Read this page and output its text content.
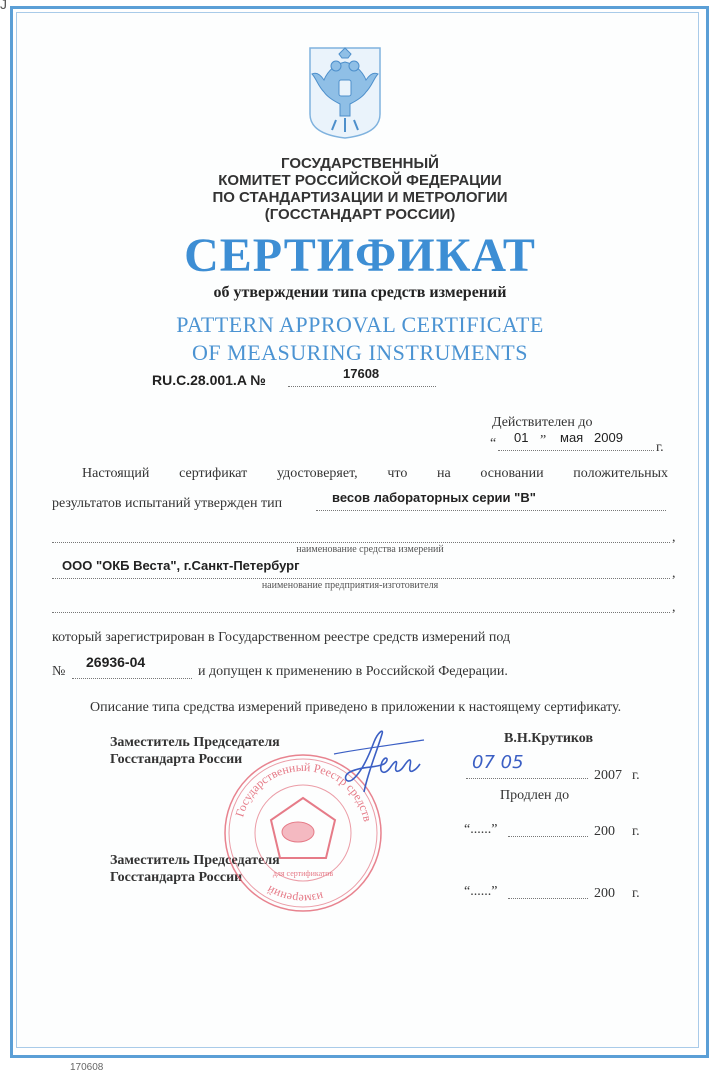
J
ГОСУДАРСТВЕННЫЙ
КОМИТЕТ РОССИЙСКОЙ ФЕДЕРАЦИИ
ПО СТАНДАРТИЗАЦИИ И МЕТРОЛОГИИ
(ГОССТАНДАРТ РОССИИ)
СЕРТИФИКАТ
об утверждении типа средств измерений
PATTERN APPROVAL CERTIFICATE
OF MEASURING INSTRUMENTS
RU.C.28.001.A №	17608
Действителен до
“ 01 ” мая 2009
г.
Настоящий сертификат удостоверяет, что на основании положительных
результатов испытаний утвержден тип	весов лабораторных серии "В"
,
наименование средства измерений
ООО "ОКБ Веста", г.Санкт-Петербург
,
наименование предприятия-изготовителя
,
который зарегистрирован в Государственном реестре средств измерений под
№
26936-04
и допущен к применению в Российской Федерации.
Описание типа средства измерений приведено в приложении к настоящему сертификату.
Заместитель Председателя
Госстандарта России
В.Н.Крутиков
07 05
2007 г.
Продлен до
“......”	200 г.
Заместитель Председателя
Госстандарта России
“......”	200 г.
Государственный Реестр средств
измерений
для сертификатов
170608
